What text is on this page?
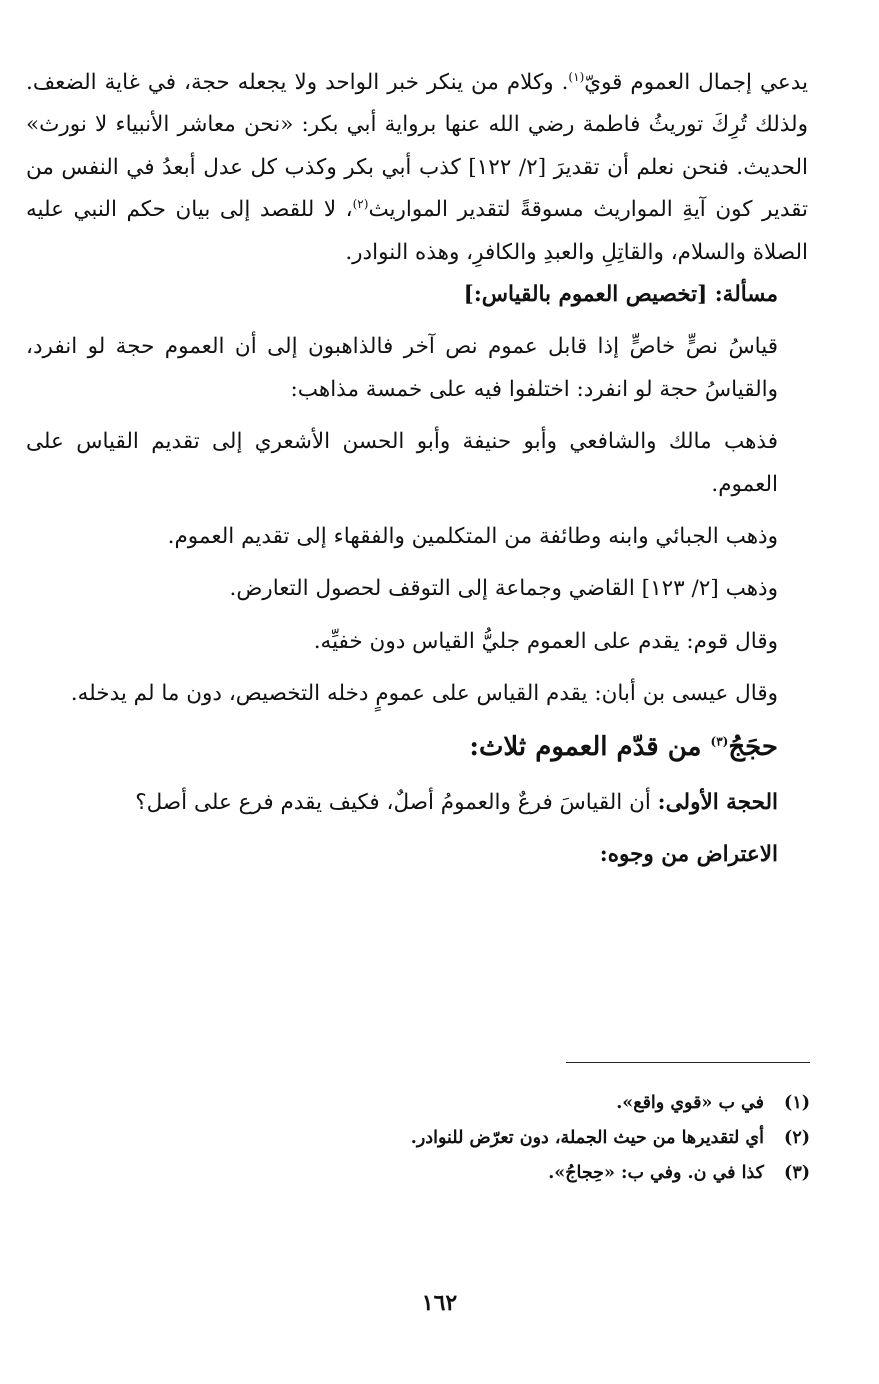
يدعي إجمال العموم قويّ$^{(١)}$. وكلام من ينكر خبر الواحد ولا يجعله حجة، في غاية الضعف. ولذلك تُرِكَ توريثُ فاطمة رضي الله عنها برواية أبي بكر: «نحن معاشر الأنبياء لا نورث» الحديث. فنحن نعلم أن تقديرَ [٢/ ١٢٢] كذب أبي بكر وكذب كل عدل أبعدُ في النفس من تقدير كون آيةِ المواريث مسوقةً لتقدير المواريث$^{(٢)}$، لا للقصد إلى بيان حكم النبي عليه الصلاة والسلام، والقاتِلِ والعبدِ والكافرِ، وهذه النوادر.

مسألة: [تخصيص العموم بالقياس:]

قياسُ نصٍّ خاصٍّ إذا قابل عموم نص آخر فالذاهبون إلى أن العموم حجة لو انفرد، والقياسُ حجة لو انفرد: اختلفوا فيه على خمسة مذاهب:

فذهب مالك والشافعي وأبو حنيفة وأبو الحسن الأشعري إلى تقديم القياس على العموم.

وذهب الجبائي وابنه وطائفة من المتكلمين والفقهاء إلى تقديم العموم.

وذهب [٢/ ١٢٣] القاضي وجماعة إلى التوقف لحصول التعارض.

وقال قوم: يقدم على العموم جليُّ القياس دون خفيِّه.

وقال عيسى بن أبان: يقدم القياس على عمومٍ دخله التخصيص، دون ما لم يدخله.

حجَجُ$^{(٣)}$ من قدّم العموم ثلاث:

الحجة الأولى: أن القياسَ فرعٌ والعمومُ أصلٌ، فكيف يقدم فرع على أصل؟

الاعتراض من وجوه:

(١)
في ب «قوي واقع».
(٢)
أي لتقديرها من حيث الجملة، دون تعرّض للنوادر.
(٣)
كذا في ن. وفي ب: «حِجاجُ».
١٦٢
